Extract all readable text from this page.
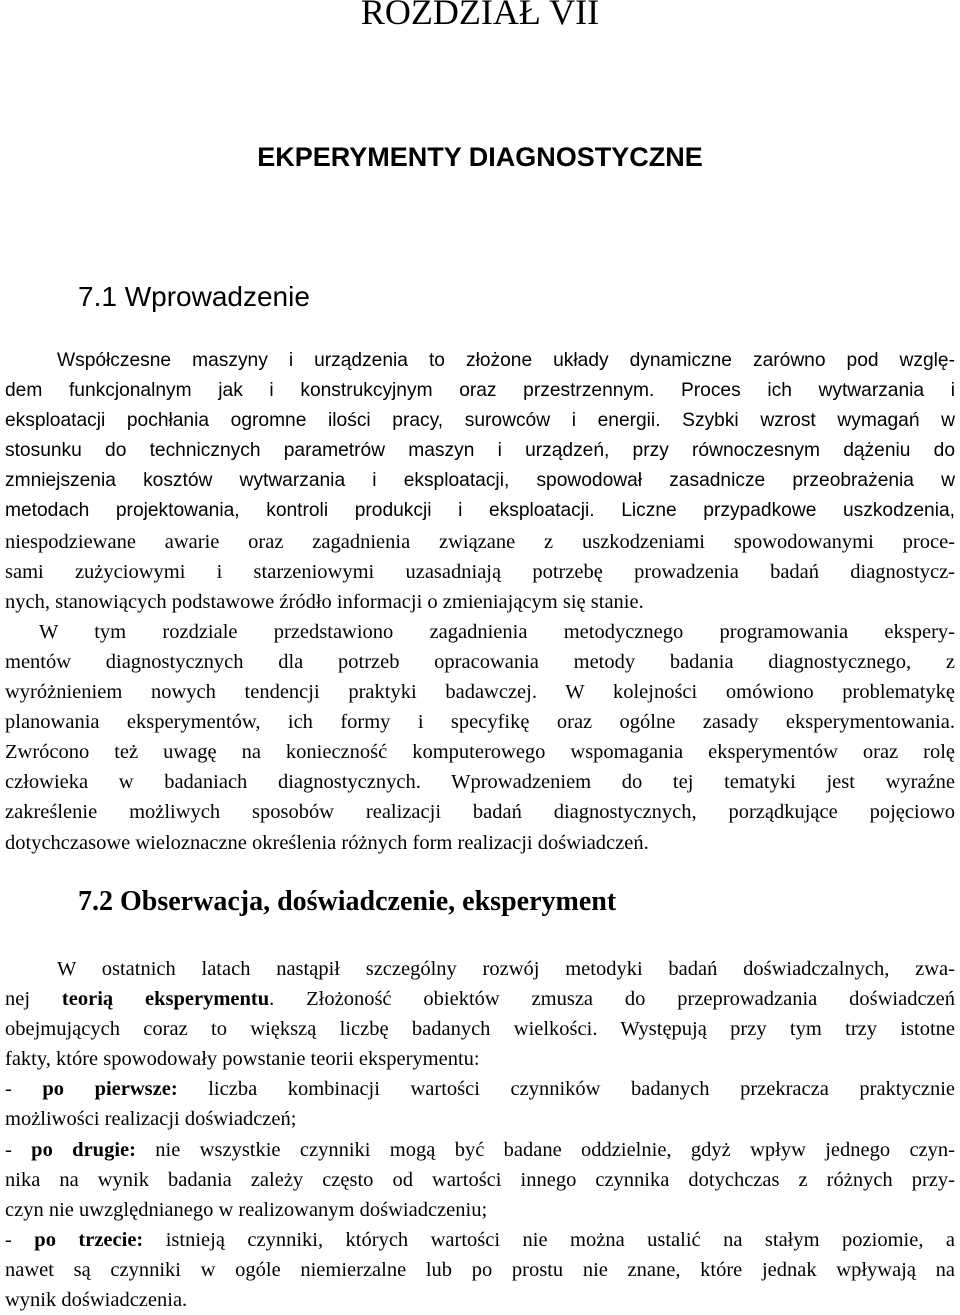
ROZDZIAŁ VII
EKPERYMENTY DIAGNOSTYCZNE
7.1 Wprowadzenie
Współczesne maszyny i urządzenia to złożone układy dynamiczne zarówno pod wzglę-
dem funkcjonalnym jak i konstrukcyjnym oraz przestrzennym. Proces ich wytwarzania i
eksploatacji pochłania ogromne ilości pracy, surowców i energii. Szybki wzrost wymagań w
stosunku do technicznych parametrów maszyn i urządzeń, przy równoczesnym dążeniu do
zmniejszenia kosztów wytwarzania i eksploatacji, spowodował zasadnicze przeobrażenia w
metodach projektowania, kontroli produkcji i eksploatacji. Liczne przypadkowe uszkodzenia,
niespodziewane awarie oraz zagadnienia związane z uszkodzeniami spowodowanymi proce-
sami zużyciowymi i starzeniowymi uzasadniają potrzebę prowadzenia badań diagnostycz-
nych, stanowiących podstawowe źródło informacji o zmieniającym się stanie.
W tym rozdziale przedstawiono zagadnienia metodycznego programowania ekspery-
mentów diagnostycznych dla potrzeb opracowania metody badania diagnostycznego, z
wyróżnieniem nowych tendencji praktyki badawczej. W kolejności omówiono problematykę
planowania eksperymentów, ich formy i specyfikę oraz ogólne zasady eksperymentowania.
Zwrócono też uwagę na konieczność komputerowego wspomagania eksperymentów oraz rolę
człowieka w badaniach diagnostycznych. Wprowadzeniem do tej tematyki jest wyraźne
zakreślenie możliwych sposobów realizacji badań diagnostycznych, porządkujące pojęciowo
dotychczasowe wieloznaczne określenia różnych form realizacji doświadczeń.
7.2 Obserwacja, doświadczenie, eksperyment
W ostatnich latach nastąpił szczególny rozwój metodyki badań doświadczalnych, zwa-
nej teorią eksperymentu. Złożoność obiektów zmusza do przeprowadzania doświadczeń
obejmujących coraz to większą liczbę badanych wielkości. Występują przy tym trzy istotne
fakty, które spowodowały powstanie teorii eksperymentu:
- po pierwsze: liczba kombinacji wartości czynników badanych przekracza praktycznie
możliwości realizacji doświadczeń;
- po drugie: nie wszystkie czynniki mogą być badane oddzielnie, gdyż wpływ jednego czyn-
nika na wynik badania zależy często od wartości innego czynnika dotychczas z różnych przy-
czyn nie uwzględnianego w realizowanym doświadczeniu;
- po trzecie: istnieją czynniki, których wartości nie można ustalić na stałym poziomie, a
nawet są czynniki w ogóle niemierzalne lub po prostu nie znane, które jednak wpływają na
wynik doświadczenia.
